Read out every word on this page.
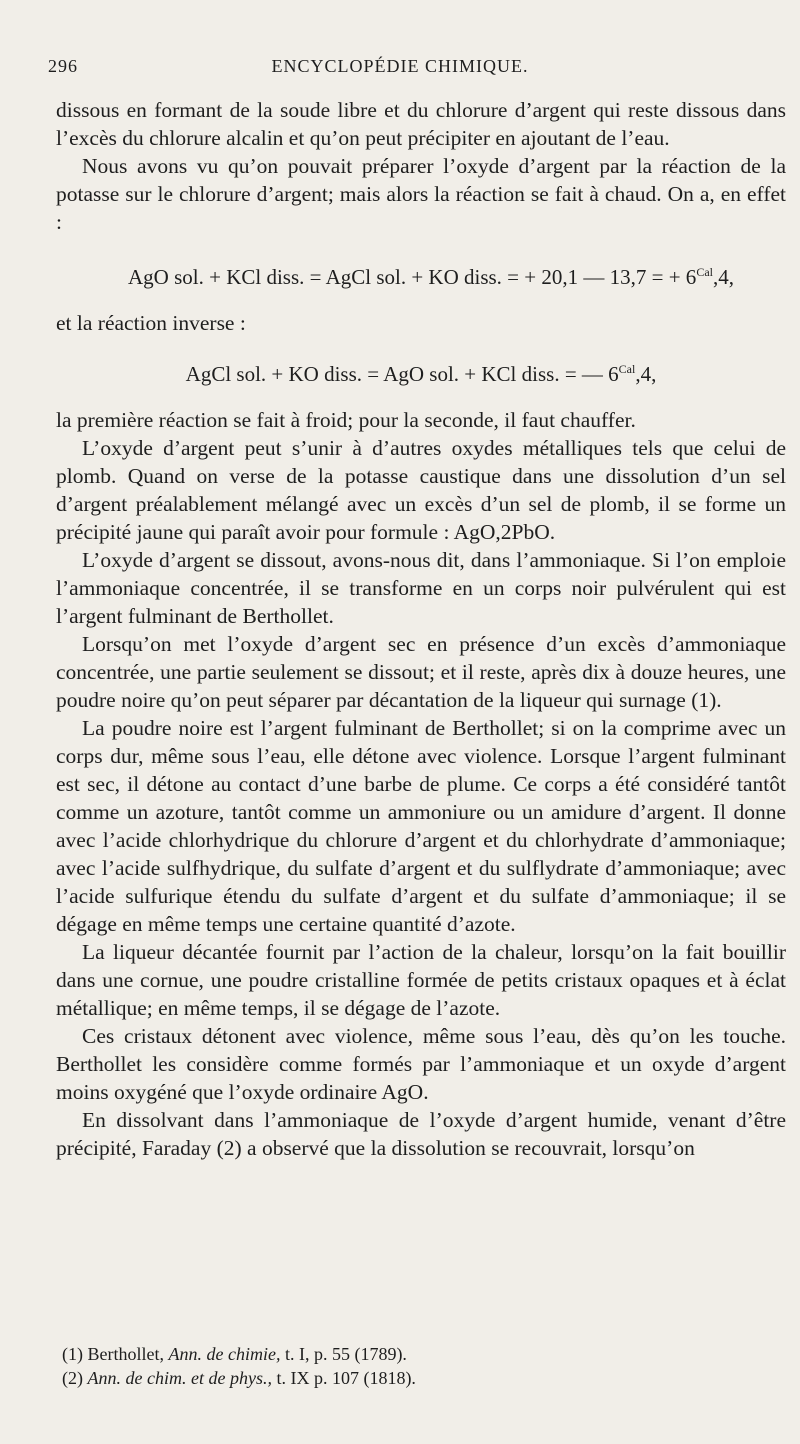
296	ENCYCLOPÉDIE CHIMIQUE.

dissous en formant de la soude libre et du chlorure d’argent qui reste dissous dans l’excès du chlorure alcalin et qu’on peut précipiter en ajoutant de l’eau.

Nous avons vu qu’on pouvait préparer l’oxyde d’argent par la réaction de la potasse sur le chlorure d’argent; mais alors la réaction se fait à chaud. On a, en effet :

AgO sol. + KCl diss. = AgCl sol. + KO diss. = + 20,1 — 13,7 = + $6^{Cal},4$,

et la réaction inverse :

AgCl sol. + KO diss. = AgO sol. + KCl diss. = — $6^{Cal},4$,

la première réaction se fait à froid; pour la seconde, il faut chauffer.

L’oxyde d’argent peut s’unir à d’autres oxydes métalliques tels que celui de plomb. Quand on verse de la potasse caustique dans une dissolution d’un sel d’argent préalablement mélangé avec un excès d’un sel de plomb, il se forme un précipité jaune qui paraît avoir pour formule : AgO,2PbO.

L’oxyde d’argent se dissout, avons-nous dit, dans l’ammoniaque. Si l’on emploie l’ammoniaque concentrée, il se transforme en un corps noir pulvérulent qui est l’argent fulminant de Berthollet.

Lorsqu’on met l’oxyde d’argent sec en présence d’un excès d’ammoniaque concentrée, une partie seulement se dissout; et il reste, après dix à douze heures, une poudre noire qu’on peut séparer par décantation de la liqueur qui surnage (1).

La poudre noire est l’argent fulminant de Berthollet; si on la comprime avec un corps dur, même sous l’eau, elle détone avec violence. Lorsque l’argent fulminant est sec, il détone au contact d’une barbe de plume. Ce corps a été considéré tantôt comme un azoture, tantôt comme un ammoniure ou un amidure d’argent. Il donne avec l’acide chlorhydrique du chlorure d’argent et du chlorhydrate d’ammoniaque; avec l’acide sulfhydrique, du sulfate d’argent et du sulflydrate d’ammoniaque; avec l’acide sulfurique étendu du sulfate d’argent et du sulfate d’ammoniaque; il se dégage en même temps une certaine quantité d’azote.

La liqueur décantée fournit par l’action de la chaleur, lorsqu’on la fait bouillir dans une cornue, une poudre cristalline formée de petits cristaux opaques et à éclat métallique; en même temps, il se dégage de l’azote.

Ces cristaux détonent avec violence, même sous l’eau, dès qu’on les touche. Berthollet les considère comme formés par l’ammoniaque et un oxyde d’argent moins oxygéné que l’oxyde ordinaire AgO.

En dissolvant dans l’ammoniaque de l’oxyde d’argent humide, venant d’être précipité, Faraday (2) a observé que la dissolution se recouvrait, lorsqu’on

(1) Berthollet, Ann. de chimie, t. I, p. 55 (1789).
(2) Ann. de chim. et de phys., t. IX p. 107 (1818).
